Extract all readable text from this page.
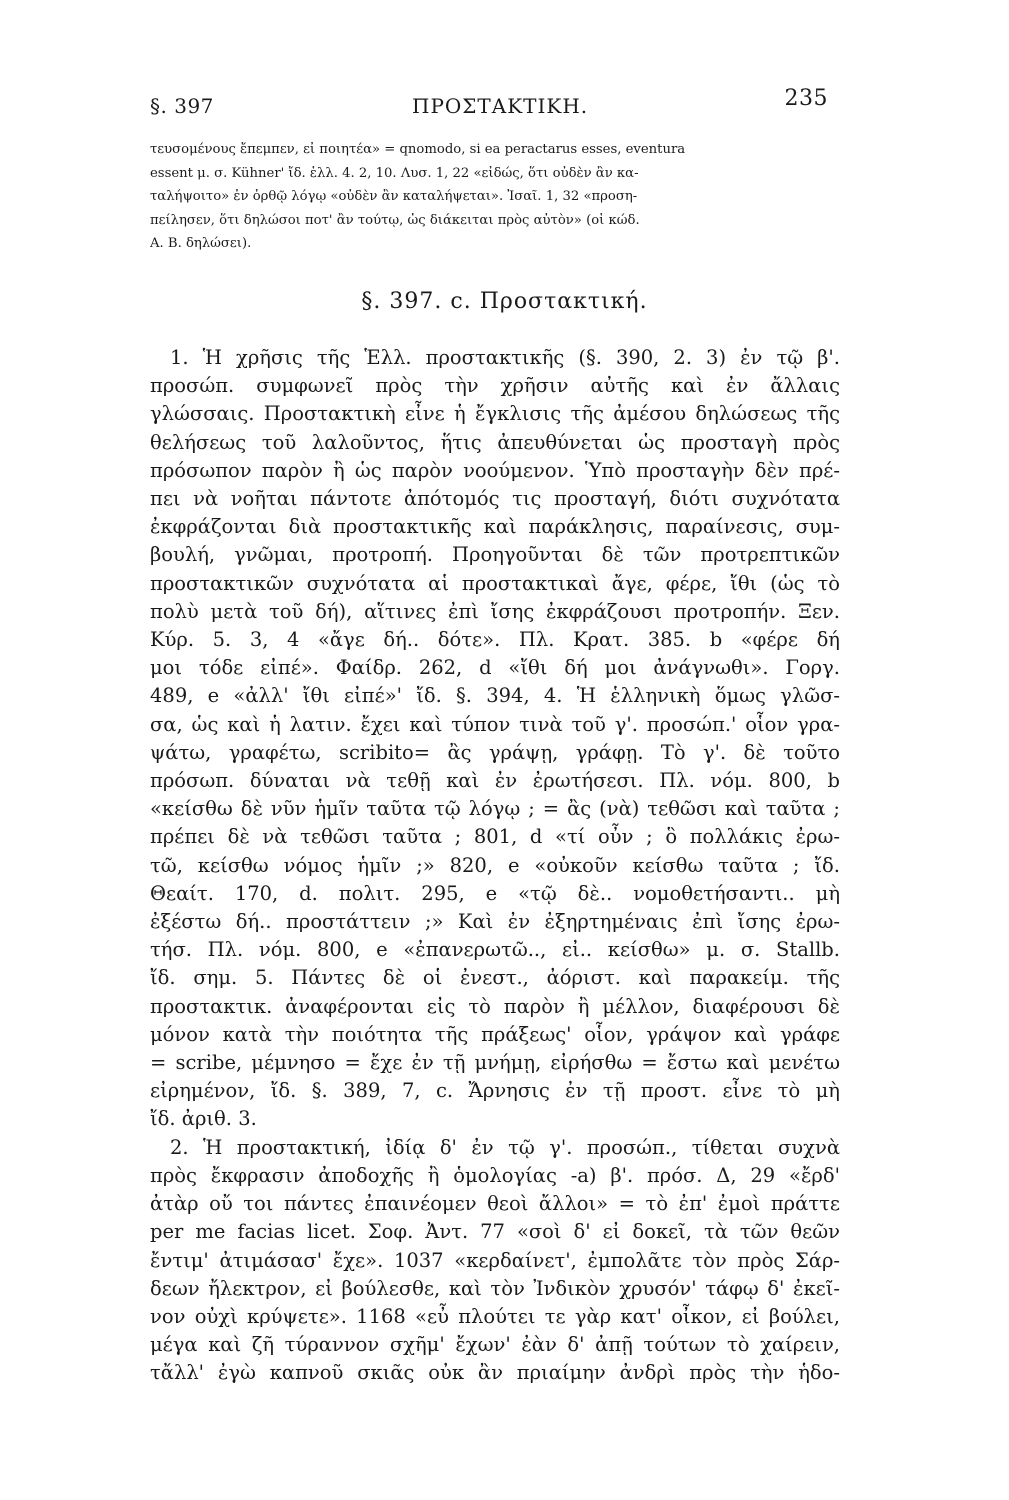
§. 397	ΠΡΟΣΤΑΚΤΙΚΗ.	235
τευσομένους ἔπεμπεν, εἰ ποιητέα» = qnomodo, si ea peractarus esses, eventura
essent μ. σ. Kühner' ἴδ. ἑλλ. 4. 2, 10. Λυσ. 1, 22 «εἰδώς, ὅτι οὐδὲν ἂν κα-
ταλήψοιτο» ἐν ὀρθῷ λόγῳ «οὐδὲν ἂν καταλήψεται». Ἰσαῖ. 1, 32 «προση-
πείλησεν, ὅτι δηλώσοι ποτ' ἂν τούτῳ, ὡς διάκειται πρὸς αὐτὸν» (οἱ κώδ.
Α. Β. δηλώσει).
§. 397. c. Προστακτική.
1. Ἡ χρῆσις τῆς Ἑλλ. προστακτικῆς (§. 390, 2. 3) ἐν τῷ β'.
προσώπ. συμφωνεῖ πρὸς τὴν χρῆσιν αὐτῆς καὶ ἐν ἄλλαις
γλώσσαις. Προστακτικὴ εἶνε ἡ ἔγκλισις τῆς ἀμέσου δηλώσεως τῆς
θελήσεως τοῦ λαλοῦντος, ἥτις ἀπευθύνεται ὡς προσταγὴ πρὸς
πρόσωπον παρὸν ἢ ὡς παρὸν νοούμενον. Ὑπὸ προσταγὴν δὲν πρέ-
πει νὰ νοῆται πάντοτε ἀπότομός τις προσταγή, διότι συχνότατα
ἐκφράζονται διὰ προστακτικῆς καὶ παράκλησις, παραίνεσις, συμ-
βουλή, γνῶμαι, προτροπή. Προηγοῦνται δὲ τῶν προτρεπτικῶν
προστακτικῶν συχνότατα αἱ προστακτικαὶ ἄγε, φέρε, ἴθι (ὡς τὸ
πολὺ μετὰ τοῦ δή), αἵτινες ἐπὶ ἴσης ἐκφράζουσι προτροπήν. Ξεν.
Κύρ. 5. 3, 4 «ἄγε δή.. δότε». Πλ. Κρατ. 385. b «φέρε δή
μοι τόδε εἰπέ». Φαίδρ. 262, d «ἴθι δή μοι ἀνάγνωθι». Γοργ.
489, e «ἀλλ' ἴθι εἰπέ»' ἴδ. §. 394, 4. Ἡ ἑλληνικὴ ὅμως γλῶσ-
σα, ὡς καὶ ἡ λατιν. ἔχει καὶ τύπον τινὰ τοῦ γ'. προσώπ.' οἷον γρα-
ψάτω, γραφέτω, scribito= ἂς γράψῃ, γράφῃ. Τὸ γ'. δὲ τοῦτο
πρόσωπ. δύναται νὰ τεθῇ καὶ ἐν ἐρωτήσεσι. Πλ. νόμ. 800, b
«κείσθω δὲ νῦν ἡμῖν ταῦτα τῷ λόγῳ ; = ἂς (νὰ) τεθῶσι καὶ ταῦτα ;
πρέπει δὲ νὰ τεθῶσι ταῦτα ; 801, d «τί οὖν ; ὃ πολλάκις ἐρω-
τῶ, κείσθω νόμος ἡμῖν ;» 820, e «οὐκοῦν κείσθω ταῦτα ; ἴδ.
Θεαίτ. 170, d. πολιτ. 295, e «τῷ δὲ.. νομοθετήσαντι.. μὴ
ἐξέστω δή.. προστάττειν ;» Καὶ ἐν ἐξηρτημέναις ἐπὶ ἴσης ἐρω-
τήσ. Πλ. νόμ. 800, e «ἐπανερωτῶ.., εἰ.. κείσθω» μ. σ. Stallb.
ἴδ. σημ. 5. Πάντες δὲ οἱ ἐνεστ., ἀόριστ. καὶ παρακείμ. τῆς
προστακτικ. ἀναφέρονται εἰς τὸ παρὸν ἢ μέλλον, διαφέρουσι δὲ
μόνον κατὰ τὴν ποιότητα τῆς πράξεως' οἷον, γράψον καὶ γράφε
= scribe, μέμνησο = ἔχε ἐν τῇ μνήμῃ, εἰρήσθω = ἔστω καὶ μενέτω
εἰρημένον, ἴδ. §. 389, 7, c. Ἄρνησις ἐν τῇ προστ. εἶνε τὸ μὴ
ἴδ. ἀριθ. 3.
2. Ἡ προστακτική, ἰδίᾳ δ' ἐν τῷ γ'. προσώπ., τίθεται συχνὰ
πρὸς ἔκφρασιν ἀποδοχῆς ἢ ὁμολογίας -a) β'. πρόσ. Δ, 29 «ἔρδ'
ἀτὰρ οὔ τοι πάντες ἐπαινέομεν θεοὶ ἄλλοι» = τὸ ἐπ' ἐμοὶ πράττε
per me facias licet. Σοφ. Ἀντ. 77 «σοὶ δ' εἰ δοκεῖ, τὰ τῶν θεῶν
ἔντιμ' ἀτιμάσασ' ἔχε». 1037 «κερδαίνετ', ἐμπολᾶτε τὸν πρὸς Σάρ-
δεων ἤλεκτρον, εἰ βούλεσθε, καὶ τὸν Ἰνδικὸν χρυσόν' τάφῳ δ' ἐκεῖ-
νον οὐχὶ κρύψετε». 1168 «εὖ πλούτει τε γὰρ κατ' οἶκον, εἰ βούλει,
μέγα καὶ ζῆ τύραννον σχῆμ' ἔχων' ἐὰν δ' ἀπῇ τούτων τὸ χαίρειν,
τἄλλ' ἐγὼ καπνοῦ σκιᾶς οὐκ ἂν πριαίμην ἀνδρὶ πρὸς τὴν ἡδο-
